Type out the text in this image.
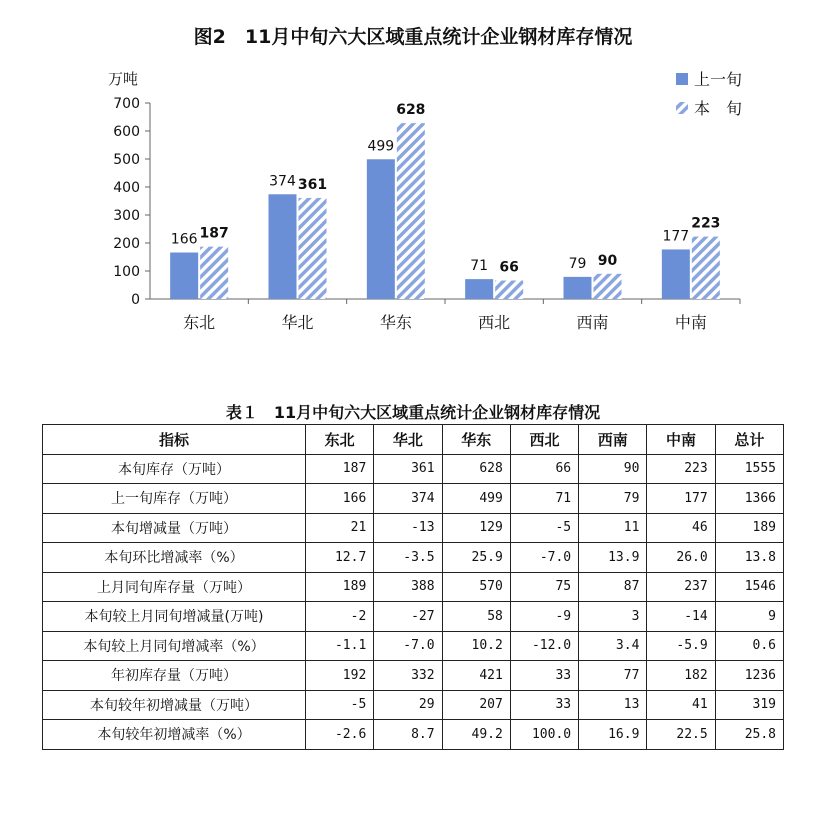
图2　11月中旬六大区域重点统计企业钢材库存情况
万吨
0
100
200
300
400
500
600
700
166 187
东北
374 361
华北
499
628
华东
71 66
西北
79 90
西南
177
223
中南
上一旬
本　旬
表１　11月中旬六大区域重点统计企业钢材库存情况
指标	东北	华北	华东	西北	西南	中南	总计
本旬库存（万吨）	187	361	628	66	90	223	1555
上一旬库存（万吨）	166	374	499	71	79	177	1366
本旬增减量（万吨）	21	-13	129	-5	11	46	189
本旬环比增减率（%）	12.7	-3.5	25.9	-7.0	13.9	26.0	13.8
上月同旬库存量（万吨）	189	388	570	75	87	237	1546
本旬较上月同旬增减量(万吨)	-2	-27	58	-9	3	-14	9
本旬较上月同旬增减率（%）	-1.1	-7.0	10.2	-12.0	3.4	-5.9	0.6
年初库存量（万吨）	192	332	421	33	77	182	1236
本旬较年初增减量（万吨）	-5	29	207	33	13	41	319
本旬较年初增减率（%）	-2.6	8.7	49.2	100.0	16.9	22.5	25.8
